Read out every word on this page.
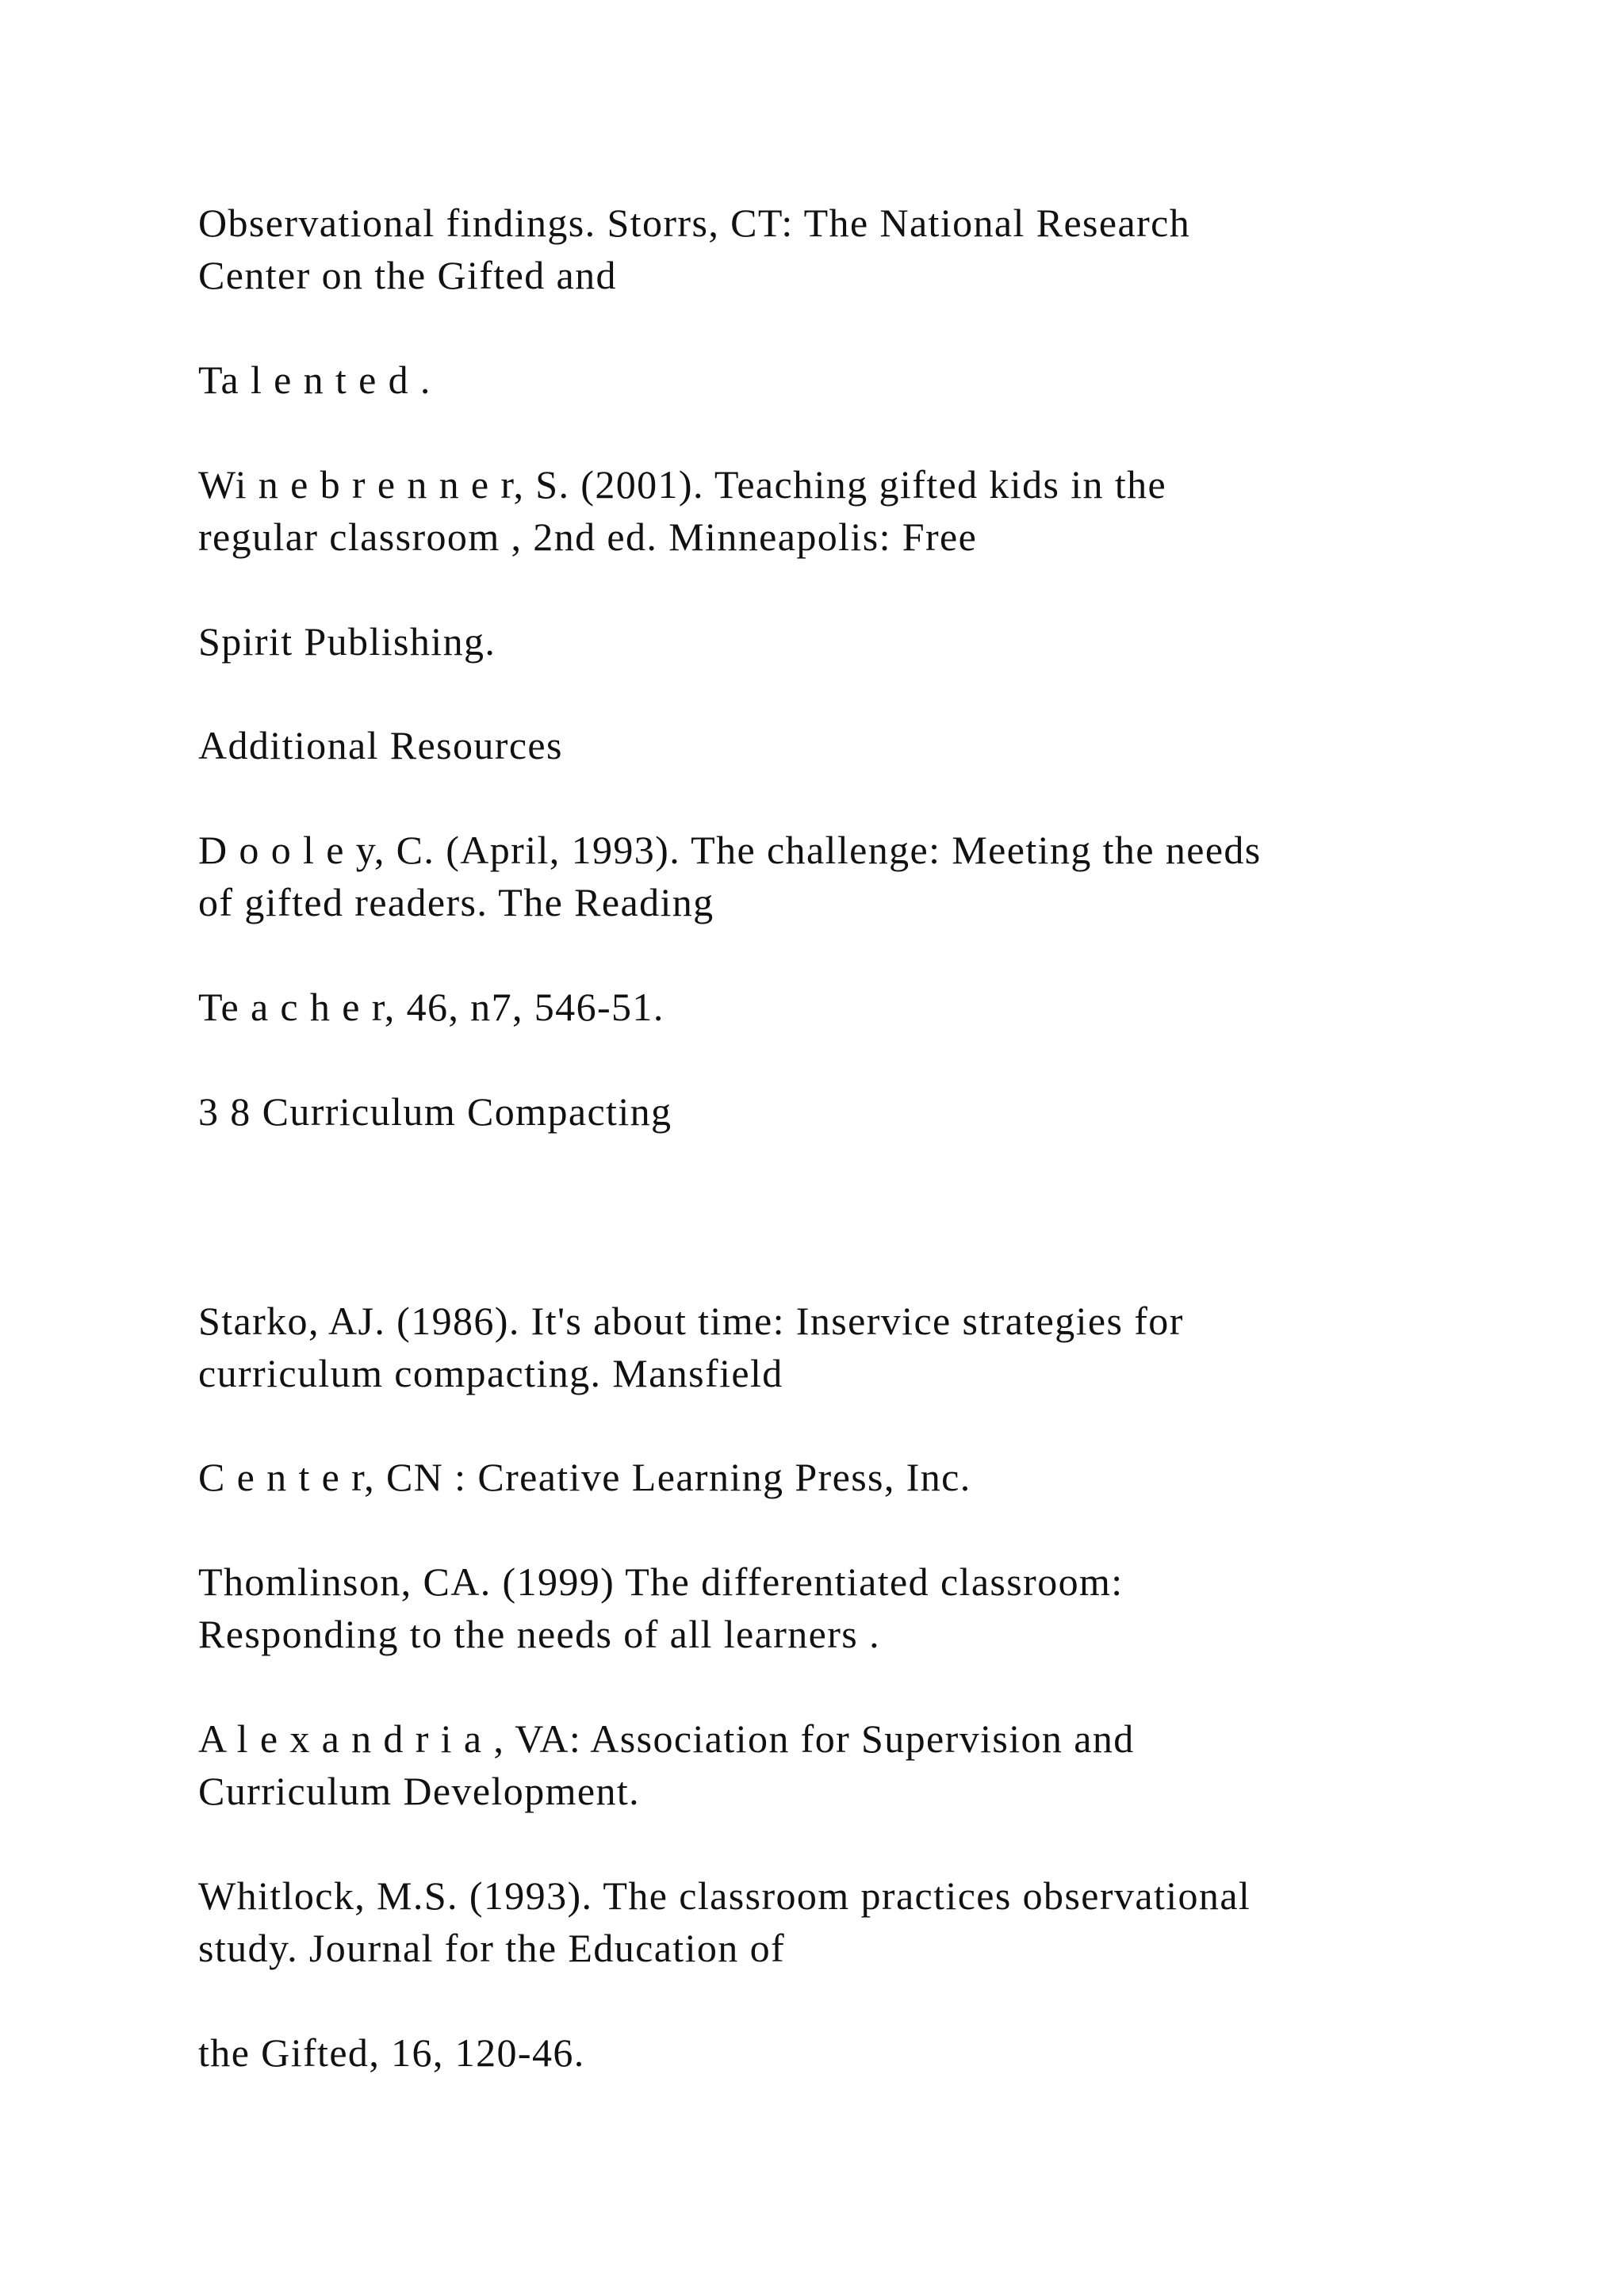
Observational findings. Storrs, CT: The National Research
Center on the Gifted and
Ta l e n t e d .
Wi n e b r e n n e r, S. (2001). Teaching gifted kids in the
regular classroom , 2nd ed. Minneapolis: Free
Spirit Publishing.
Additional Resources
D o o l e y, C. (April, 1993). The challenge: Meeting the needs
of gifted readers. The Reading
Te a c h e r, 46, n7, 546-51.
3 8 Curriculum Compacting
Starko, AJ. (1986). It's about time: Inservice strategies for
curriculum compacting. Mansfield
C e n t e r, CN : Creative Learning Press, Inc.
Thomlinson, CA. (1999) The differentiated classroom:
Responding to the needs of all learners .
A l e x a n d r i a , VA: Association for Supervision and
Curriculum Development.
Whitlock, M.S. (1993). The classroom practices observational
study. Journal for the Education of
the Gifted, 16, 120-46.
